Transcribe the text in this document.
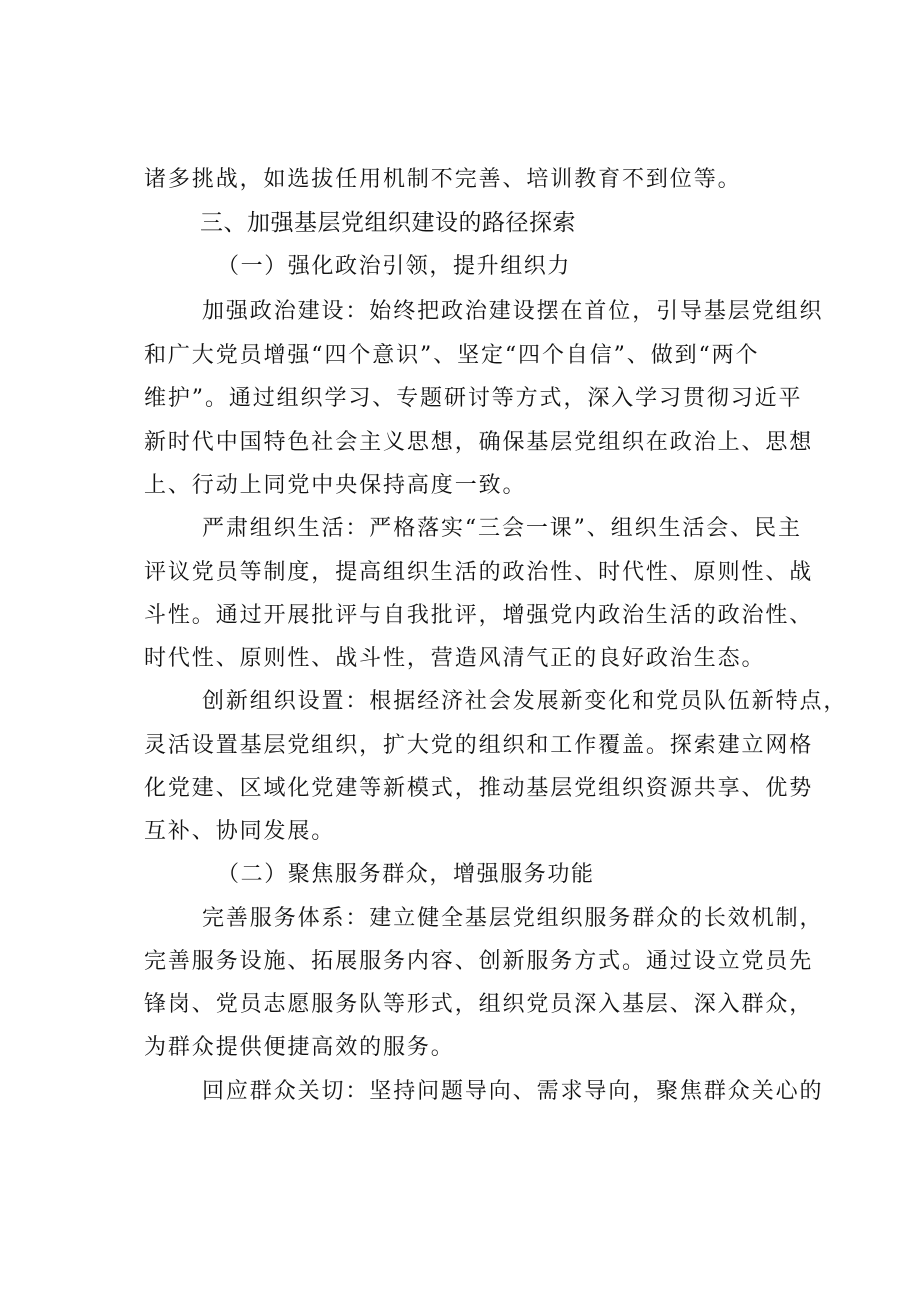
诸多挑战，如选拔任用机制不完善、培训教育不到位等。
三、加强基层党组织建设的路径探索
（一）强化政治引领，提升组织力
加强政治建设：始终把政治建设摆在首位，引导基层党组织
和广大党员增强“四个意识”、坚定“四个自信”、做到“两个
维护”。通过组织学习、专题研讨等方式，深入学习贯彻习近平
新时代中国特色社会主义思想，确保基层党组织在政治上、思想
上、行动上同党中央保持高度一致。
严肃组织生活：严格落实“三会一课”、组织生活会、民主
评议党员等制度，提高组织生活的政治性、时代性、原则性、战
斗性。通过开展批评与自我批评，增强党内政治生活的政治性、
时代性、原则性、战斗性，营造风清气正的良好政治生态。
创新组织设置：根据经济社会发展新变化和党员队伍新特点，
灵活设置基层党组织，扩大党的组织和工作覆盖。探索建立网格
化党建、区域化党建等新模式，推动基层党组织资源共享、优势
互补、协同发展。
（二）聚焦服务群众，增强服务功能
完善服务体系：建立健全基层党组织服务群众的长效机制，
完善服务设施、拓展服务内容、创新服务方式。通过设立党员先
锋岗、党员志愿服务队等形式，组织党员深入基层、深入群众，
为群众提供便捷高效的服务。
回应群众关切：坚持问题导向、需求导向，聚焦群众关心的
